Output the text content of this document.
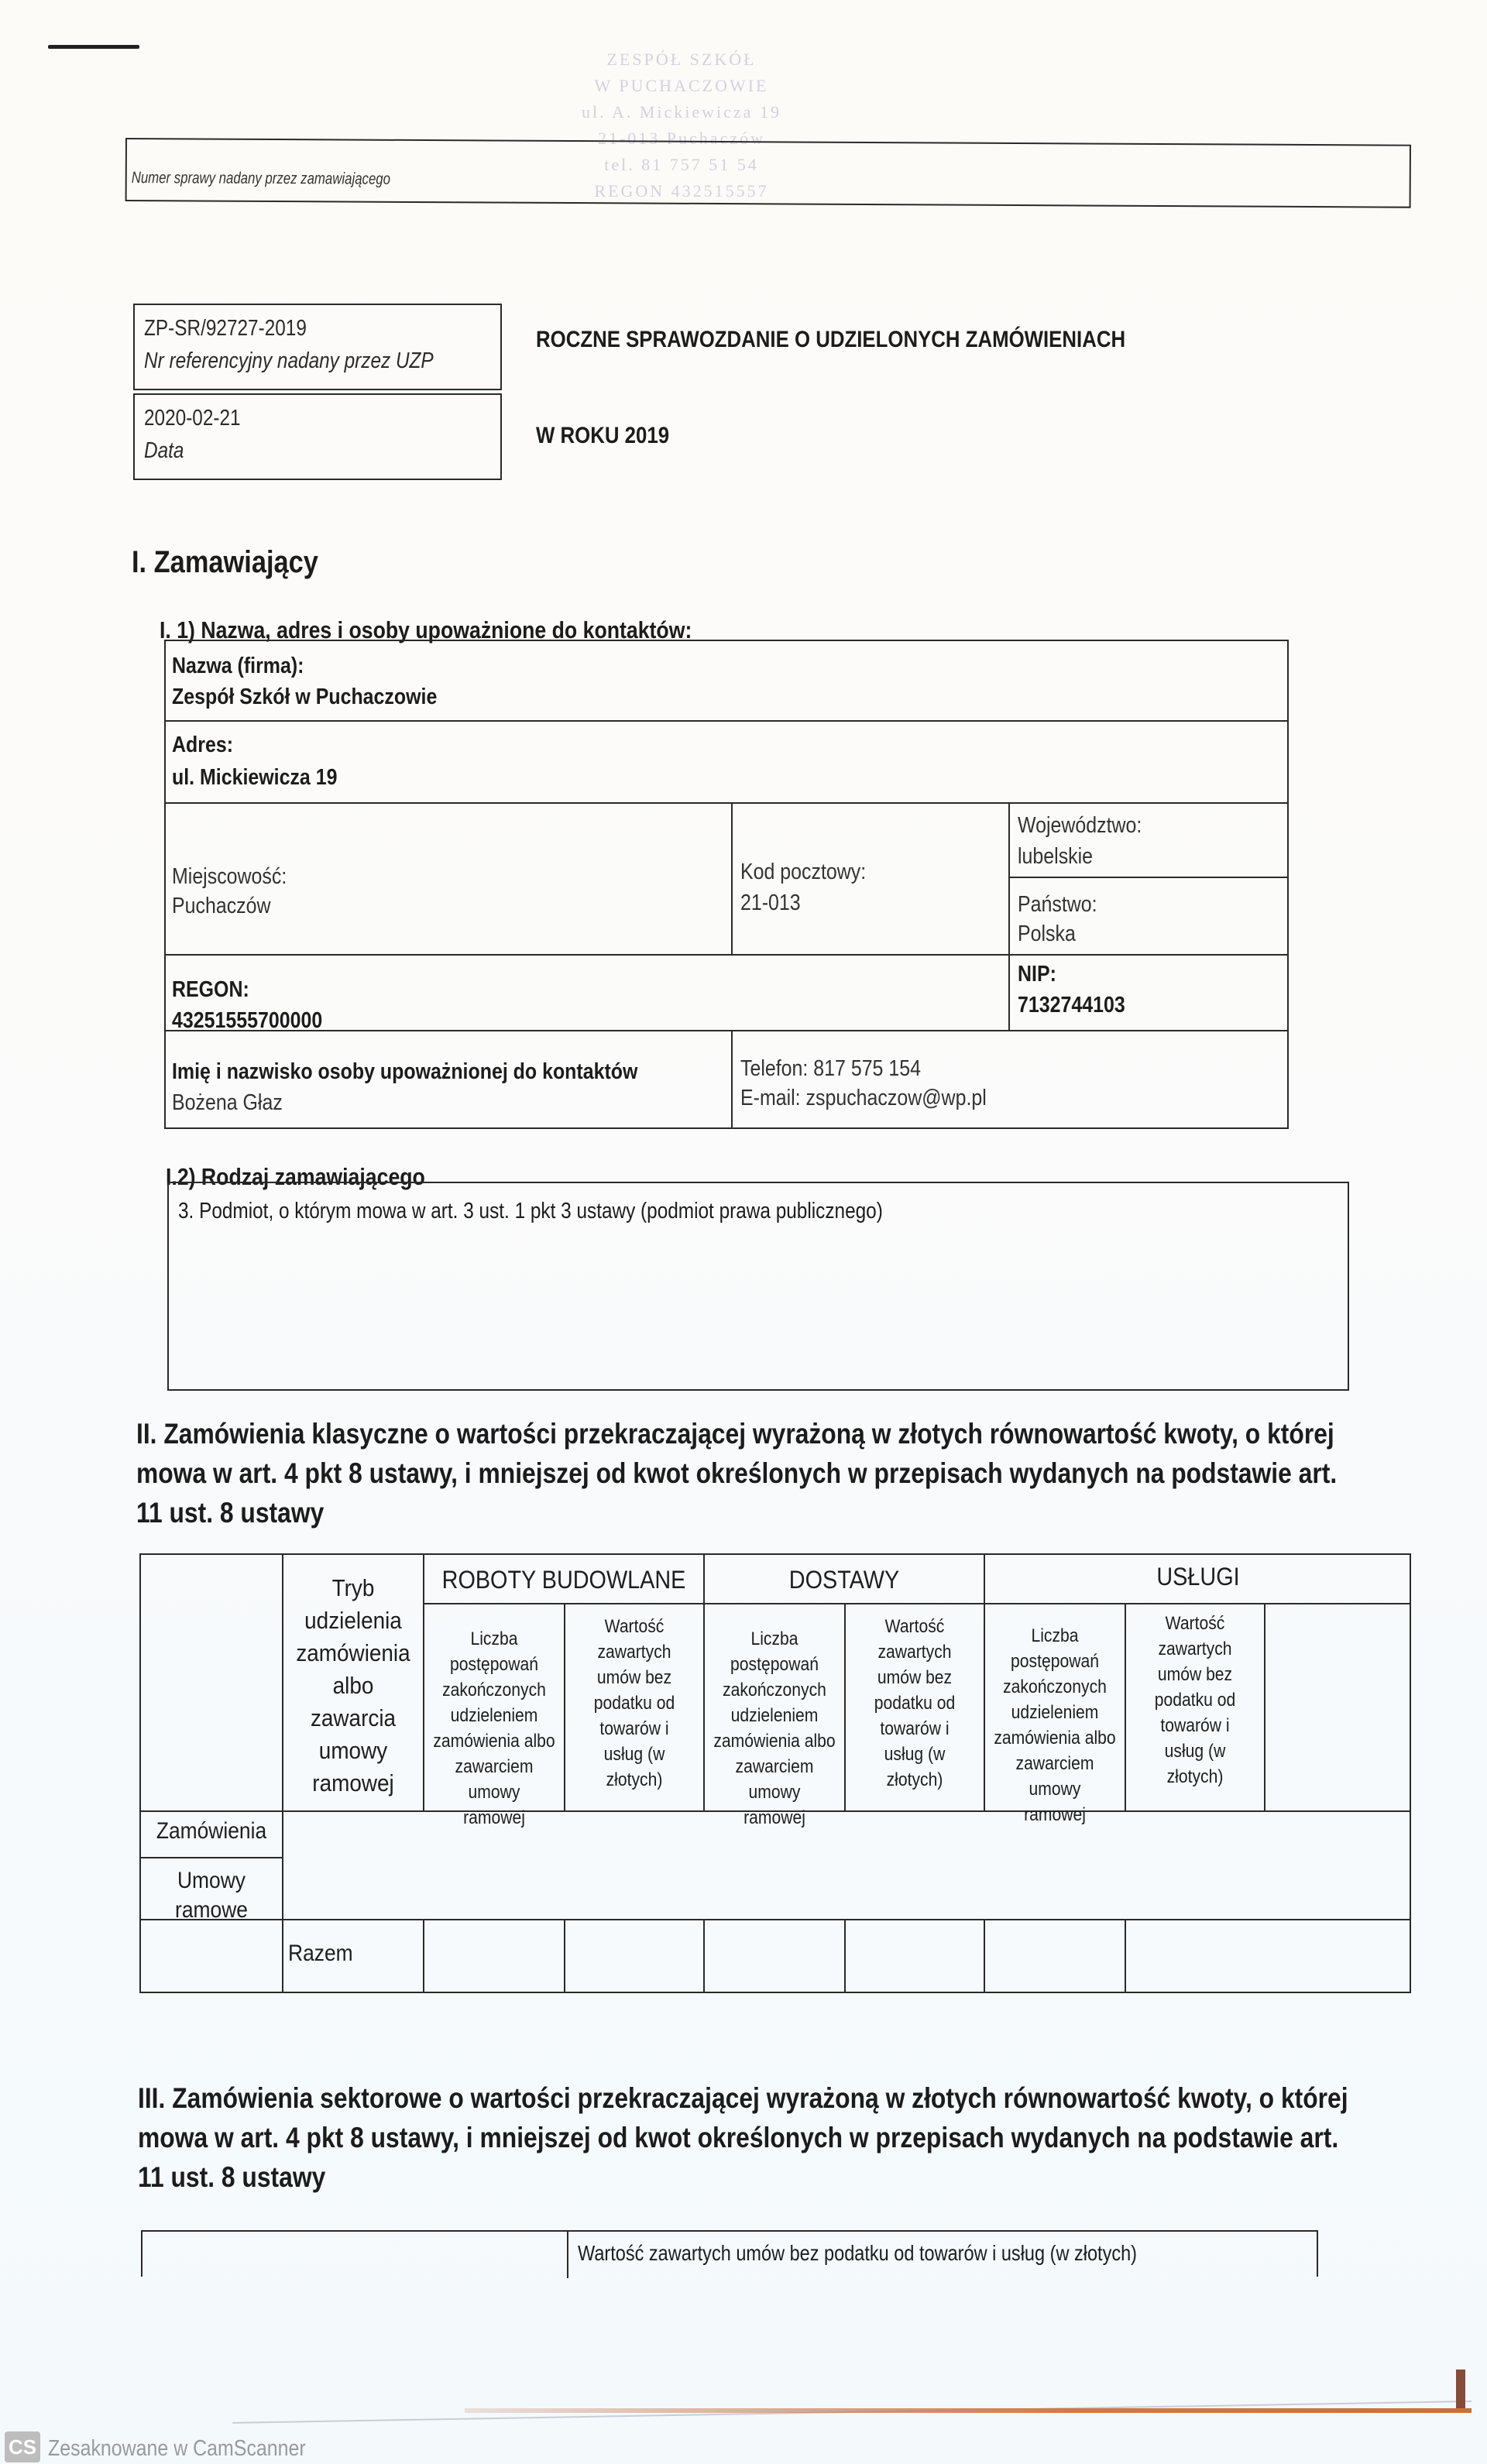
ZESPÓŁ SZKÓŁ
W PUCHACZOWIE
ul. A. Mickiewicza 19
21-013 Puchaczów
tel. 81 757 51 54
REGON 432515557
Numer sprawy nadany przez zamawiającego
ZP-SR/92727-2019
Nr referencyjny nadany przez UZP
2020-02-21
Data
ROCZNE SPRAWOZDANIE O UDZIELONYCH ZAMÓWIENIACH
W ROKU 2019
I. Zamawiający
I. 1) Nazwa, adres i osoby upoważnione do kontaktów:
Nazwa (firma):
Zespół Szkół w Puchaczowie
Adres:
ul. Mickiewicza 19
Miejscowość:
Puchaczów
Kod pocztowy:
21-013
Województwo:
lubelskie
Państwo:
Polska
REGON:
43251555700000
NIP:
7132744103
Imię i nazwisko osoby upoważnionej do kontaktów
Bożena Głaz
Telefon: 817 575 154
E-mail: zspuchaczow@wp.pl
I.2) Rodzaj zamawiającego
3. Podmiot, o którym mowa w art. 3 ust. 1 pkt 3 ustawy (podmiot prawa publicznego)
II. Zamówienia klasyczne o wartości przekraczającej wyrażoną w złotych równowartość kwoty, o której mowa w art. 4 pkt 8 ustawy, i mniejszej od kwot określonych w przepisach wydanych na podstawie art. 11 ust. 8 ustawy
Tryb
udzielenia
zamówienia
albo
zawarcia
umowy
ramowej
ROBOTY BUDOWLANE	DOSTAWY	USŁUGI
Liczba postępowań
zakończonych
udzieleniem
zamówienia albo
zawarciem umowy
ramowej
Wartość
zawartych
umów bez
podatku od
towarów i
usług (w
złotych)
Liczba postępowań
zakończonych
udzieleniem
zamówienia albo
zawarciem umowy
ramowej
Wartość
zawartych
umów bez
podatku od
towarów i
usług (w
złotych)
Liczba postępowań
zakończonych
udzieleniem
zamówienia albo
zawarciem umowy
ramowej
Wartość
zawartych
umów bez
podatku od
towarów i
usług (w
złotych)
Zamówienia
Umowy
ramowe
Razem
III. Zamówienia sektorowe o wartości przekraczającej wyrażoną w złotych równowartość kwoty, o której mowa w art. 4 pkt 8 ustawy, i mniejszej od kwot określonych w przepisach wydanych na podstawie art. 11 ust. 8 ustawy
Wartość zawartych umów bez podatku od towarów i usług (w złotych)
CS Zesaknowane w CamScanner
